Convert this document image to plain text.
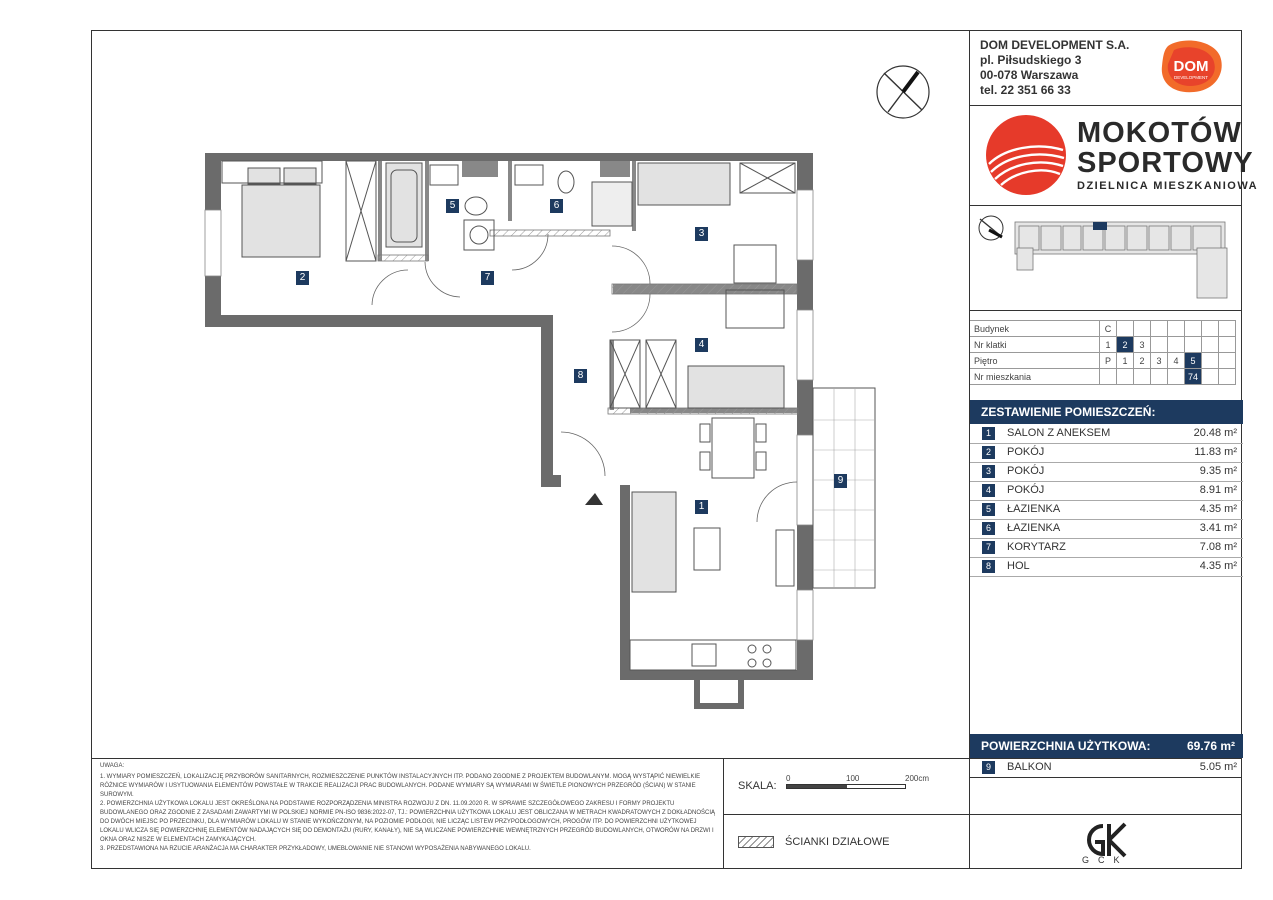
DOM DEVELOPMENT S.A.
pl. Piłsudskiego 3
00-078 Warszawa
tel. 22 351 66 33
DOM
DEVELOPMENT
MOKOTÓW
SPORTOWY
DZIELNICA MIESZKANIOWA
Budynek	C							
Nr klatki	1	2	3					
Piętro	P	1	2	3	4	5		
Nr mieszkania						74		
ZESTAWIENIE POMIESZCZEŃ:
1	SALON Z ANEKSEM	20.48 m²
2	POKÓJ	11.83 m²
3	POKÓJ	9.35 m²
4	POKÓJ	8.91 m²
5	ŁAZIENKA	4.35 m²
6	ŁAZIENKA	3.41 m²
7	KORYTARZ	7.08 m²
8	HOL	4.35 m²
POWIERZCHNIA UŻYTKOWA:	69.76 m²
9	BALKON	5.05 m²

UWAGA:

1. WYMIARY POMIESZCZEŃ, LOKALIZACJĘ PRZYBORÓW SANITARNYCH, ROZMIESZCZENIE PUNKTÓW INSTALACYJNYCH ITP. PODANO ZGODNIE Z PROJEKTEM BUDOWLANYM. MOGĄ WYSTĄPIĆ NIEWIELKIE RÓŻNICE WYMIARÓW I USYTUOWANIA ELEMENTÓW POWSTAŁE W TRAKCIE REALIZACJI PRAC BUDOWLANYCH. PODANE WYMIARY SĄ WYMIARAMI W ŚWIETLE PIONOWYCH PRZEGRÓD (ŚCIAN) W STANIE SUROWYM.

2. POWIERZCHNIA UŻYTKOWA LOKALU JEST OKREŚLONA NA PODSTAWIE ROZPORZĄDZENIA MINISTRA ROZWOJU Z DN. 11.09.2020 R. W SPRAWIE SZCZEGÓŁOWEGO ZAKRESU I FORMY PROJEKTU BUDOWLANEGO ORAZ ZGODNIE Z ZASADAMI ZAWARTYMI W POLSKIEJ NORMIE PN-ISO 9836:2022-07, TJ.: POWIERZCHNIA UŻYTKOWA LOKALU JEST OBLICZANA W METRACH KWADRATOWYCH Z DOKŁADNOŚCIĄ DO DWÓCH MIEJSC PO PRZECINKU, DLA WYMIARÓW LOKALU W STANIE WYKOŃCZONYM, NA POZIOMIE PODŁOGI, NIE LICZĄC LISTEW PRZYPODŁOGOWYCH, PROGÓW ITP. DO POWIERZCHNI UŻYTKOWEJ LOKALU WLICZA SIĘ POWIERZCHNIĘ ELEMENTÓW NADAJĄCYCH SIĘ DO DEMONTAŻU (RURY, KANAŁY), NIE SĄ WLICZANE POWIERZCHNIE WEWNĘTRZNYCH PRZEGRÓD BUDOWLANYCH, OTWORÓW NA DRZWI I OKNA ORAZ NISZE W ELEMENTACH ZAMYKAJĄCYCH.

3. PRZEDSTAWIONA NA RZUCIE ARANŻACJA MA CHARAKTER PRZYKŁADOWY, UMEBLOWANIE NIE STANOWI WYPOSAŻENIA NABYWANEGO LOKALU.

SKALA:
0	100	200cm
ŚCIANKI DZIAŁOWE
GCK
1
2
3
4
5	6
7
8
9
